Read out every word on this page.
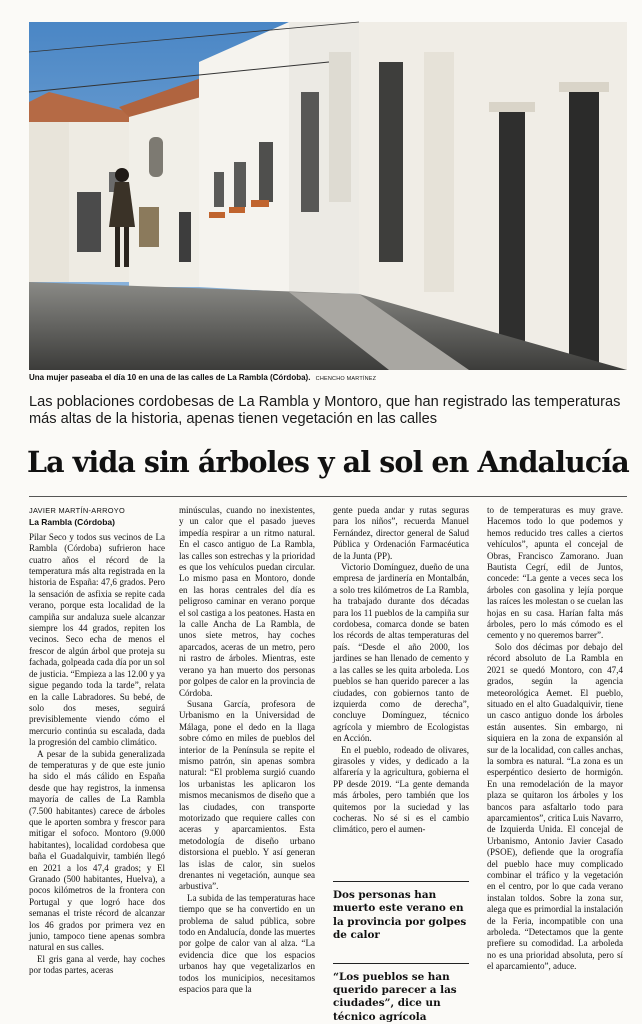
Una mujer paseaba el día 10 en una de las calles de La Rambla (Córdoba). CHENCHO MARTÍNEZ
Las poblaciones cordobesas de La Rambla y Montoro, que han registrado las temperaturas más altas de la historia, apenas tienen vegetación en las calles
La vida sin árboles y al sol en Andalucía
JAVIER MARTÍN-ARROYO
La Rambla (Córdoba)

Pilar Seco y todos sus vecinos de La Rambla (Córdoba) sufrieron hace cuatro años el récord de la temperatura más alta registrada en la historia de España: 47,6 grados. Pero la sensación de asfixia se repite cada verano, porque esta localidad de la campiña sur andaluza suele alcanzar siempre los 44 grados, repiten los vecinos. Seco echa de menos el frescor de algún árbol que proteja su fachada, golpeada cada día por un sol de justicia. “Empieza a las 12.00 y ya sigue pegando toda la tarde”, relata en la calle Labradores. Su bebé, de solo dos meses, seguirá previsiblemente viendo cómo el mercurio continúa su escalada, dada la progresión del cambio climático.

A pesar de la subida generalizada de temperaturas y de que este junio ha sido el más cálido en España desde que hay registros, la inmensa mayoría de calles de La Rambla (7.500 habitantes) carece de árboles que le aporten sombra y frescor para mitigar el sofoco. Montoro (9.000 habitantes), localidad cordobesa que baña el Guadalquivir, también llegó en 2021 a los 47,4 grados; y El Granado (500 habitantes, Huelva), a pocos kilómetros de la frontera con Portugal y que logró hace dos semanas el triste récord de alcanzar los 46 grados por primera vez en junio, tampoco tiene apenas sombra natural en sus calles.

El gris gana al verde, hay coches por todas partes, aceras

minúsculas, cuando no inexistentes, y un calor que el pasado jueves impedía respirar a un ritmo natural. En el casco antiguo de La Rambla, las calles son estrechas y la prioridad es que los vehículos puedan circular. Lo mismo pasa en Montoro, donde en las horas centrales del día es peligroso caminar en verano porque el sol castiga a los peatones. Hasta en la calle Ancha de La Rambla, de unos siete metros, hay coches aparcados, aceras de un metro, pero ni rastro de árboles. Mientras, este verano ya han muerto dos personas por golpes de calor en la provincia de Córdoba.

Susana García, profesora de Urbanismo en la Universidad de Málaga, pone el dedo en la llaga sobre cómo en miles de pueblos del interior de la Península se repite el mismo patrón, sin apenas sombra natural: “El problema surgió cuando los urbanistas les aplicaron los mismos mecanismos de diseño que a las ciudades, con transporte motorizado que requiere calles con aceras y aparcamientos. Esta metodología de diseño urbano distorsiona el pueblo. Y así generan las islas de calor, sin suelos drenantes ni vegetación, aunque sea arbustiva”.

La subida de las temperaturas hace tiempo que se ha convertido en un problema de salud pública, sobre todo en Andalucía, donde las muertes por golpe de calor van al alza. “La evidencia dice que los espacios urbanos hay que vegetalizarlos en todos los municipios, necesitamos espacios para que la

gente pueda andar y rutas seguras para los niños”, recuerda Manuel Fernández, director general de Salud Pública y Ordenación Farmacéutica de la Junta (PP).

Victorio Domínguez, dueño de una empresa de jardinería en Montalbán, a solo tres kilómetros de La Rambla, ha trabajado durante dos décadas para los 11 pueblos de la campiña sur cordobesa, comarca donde se baten los récords de altas temperaturas del país. “Desde el año 2000, los jardines se han llenado de cemento y a las calles se les quita arboleda. Los pueblos se han querido parecer a las ciudades, con gobiernos tanto de izquierda como de derecha”, concluye Domínguez, técnico agrícola y miembro de Ecologistas en Acción.

En el pueblo, rodeado de olivares, girasoles y vides, y dedicado a la alfarería y la agricultura, gobierna el PP desde 2019. “La gente demanda más árboles, pero también que los quitemos por la suciedad y las cocheras. No sé si es el cambio climático, pero el aumen-

Dos personas han muerto este verano en la provincia por golpes de calor
“Los pueblos se han querido parecer a las ciudades”, dice un técnico agrícola

to de temperaturas es muy grave. Hacemos todo lo que podemos y hemos reducido tres calles a ciertos vehículos”, apunta el concejal de Obras, Francisco Zamorano. Juan Bautista Cegrí, edil de Juntos, concede: “La gente a veces seca los árboles con gasolina y lejía porque las raíces les molestan o se cuelan las hojas en su casa. Harían falta más árboles, pero lo más cómodo es el cemento y no queremos barrer”.

Solo dos décimas por debajo del récord absoluto de La Rambla en 2021 se quedó Montoro, con 47,4 grados, según la agencia meteorológica Aemet. El pueblo, situado en el alto Guadalquivir, tiene un casco antiguo donde los árboles están ausentes. Sin embargo, ni siquiera en la zona de expansión al sur de la localidad, con calles anchas, la sombra es natural. “La zona es un esperpéntico desierto de hormigón. En una remodelación de la mayor plaza se quitaron los árboles y los bancos para asfaltarlo todo para aparcamientos”, critica Luis Navarro, de Izquierda Unida. El concejal de Urbanismo, Antonio Javier Casado (PSOE), defiende que la orografía del pueblo hace muy complicado combinar el tráfico y la vegetación en el centro, por lo que cada verano instalan toldos. Sobre la zona sur, alega que es primordial la instalación de la Feria, incompatible con una arboleda. “Detectamos que la gente prefiere su comodidad. La arboleda no es una prioridad absoluta, pero sí el aparcamiento”, aduce.
